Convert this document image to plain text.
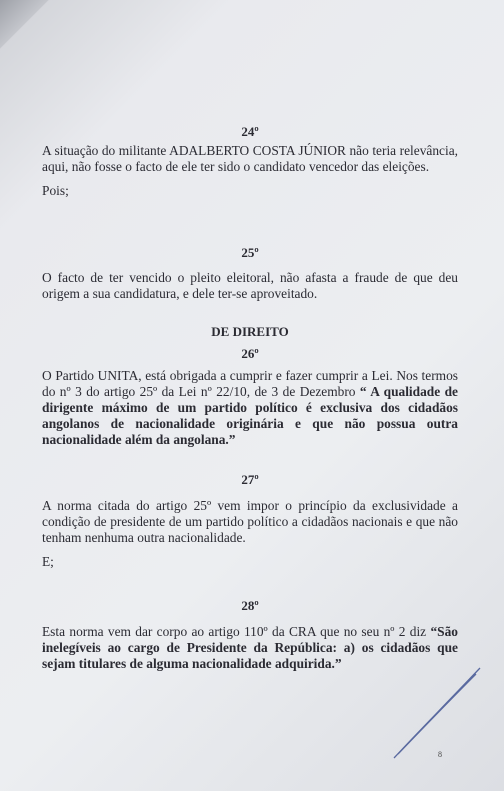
24º

A situação do militante ADALBERTO COSTA JÚNIOR não teria relevância, aqui, não fosse o facto de ele ter sido o candidato vencedor das eleições.

Pois;

25º

O facto de ter vencido o pleito eleitoral, não afasta a fraude de que deu origem a sua candidatura, e dele ter-se aproveitado.

DE DIREITO

26º

O Partido UNITA, está obrigada a cumprir e fazer cumprir a Lei. Nos termos do nº 3 do artigo 25º da Lei nº 22/10, de 3 de Dezembro “ A qualidade de dirigente máximo de um partido político é exclusiva dos cidadãos angolanos de nacionalidade originária e que não possua outra nacionalidade além da angolana.”

27º

A norma citada do artigo 25º vem impor o princípio da exclusividade a condição de presidente de um partido político a cidadãos nacionais e que não tenham nenhuma outra nacionalidade.

E;

28º

Esta norma vem dar corpo ao artigo 110º da CRA que no seu nº 2 diz “São inelegíveis ao cargo de Presidente da República: a) os cidadãos que sejam titulares de alguma nacionalidade adquirida.”

8
